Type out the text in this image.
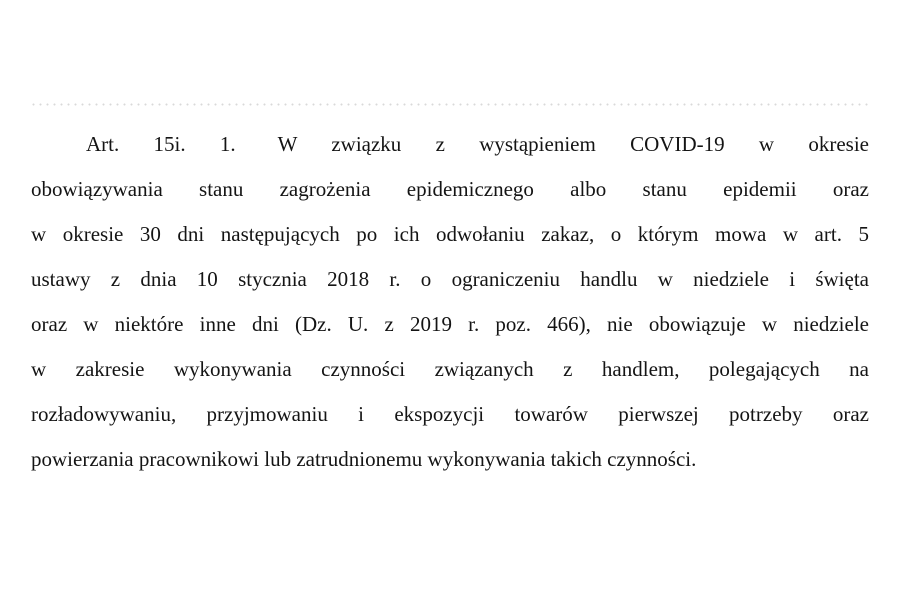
Art. 15i. 1. W związku z wystąpieniem COVID-19 w okresie
obowiązywania stanu zagrożenia epidemicznego albo stanu epidemii oraz
w okresie 30 dni następujących po ich odwołaniu zakaz, o którym mowa w art. 5
ustawy z dnia 10 stycznia 2018 r. o ograniczeniu handlu w niedziele i święta
oraz w niektóre inne dni (Dz. U. z 2019 r. poz. 466), nie obowiązuje w niedziele
w zakresie wykonywania czynności związanych z handlem, polegających na
rozładowywaniu, przyjmowaniu i ekspozycji towarów pierwszej potrzeby oraz
powierzania pracownikowi lub zatrudnionemu wykonywania takich czynności.
